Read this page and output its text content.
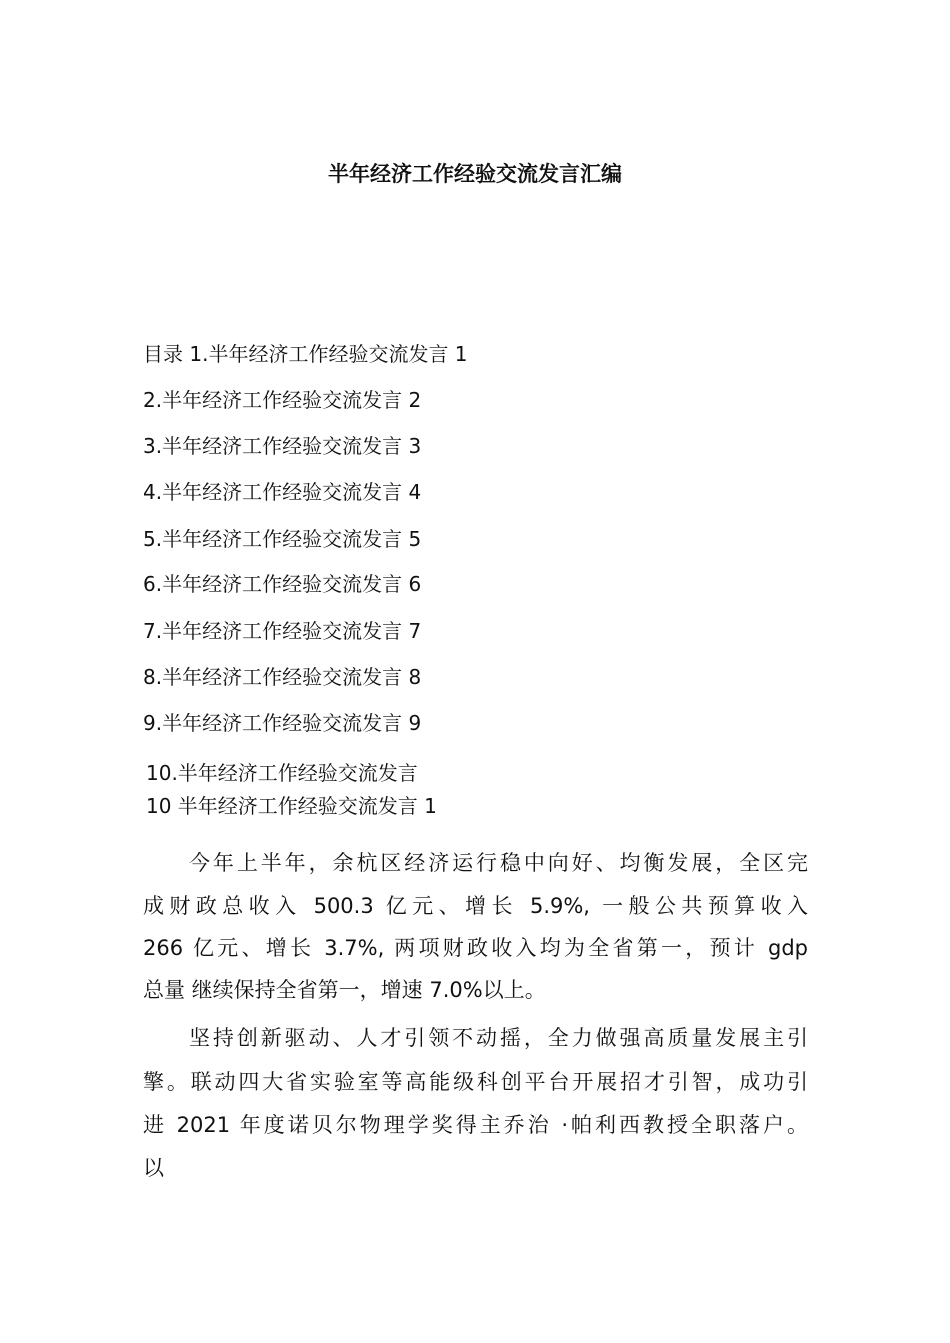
半年经济工作经验交流发言汇编
目录 1.半年经济工作经验交流发言 1
2.半年经济工作经验交流发言 2
3.半年经济工作经验交流发言 3
4.半年经济工作经验交流发言 4
5.半年经济工作经验交流发言 5
6.半年经济工作经验交流发言 6
7.半年经济工作经验交流发言 7
8.半年经济工作经验交流发言 8
9.半年经济工作经验交流发言 9
10.半年经济工作经验交流发言
10 半年经济工作经验交流发言 1
今年上半年，余杭区经济运行稳中向好、均衡发展，全区完
成财政总收入 500.3 亿元、增长 5.9%, 一般公共预算收入
266 亿元、增长 3.7%, 两项财政收入均为全省第一，预计 gdp
总量 继续保持全省第一，增速 7.0%以上。
坚持创新驱动、人才引领不动摇，全力做强高质量发展主引
擎。联动四大省实验室等高能级科创平台开展招才引智，成功引
进 2021 年度诺贝尔物理学奖得主乔治 ·帕利西教授全职落户。
以
